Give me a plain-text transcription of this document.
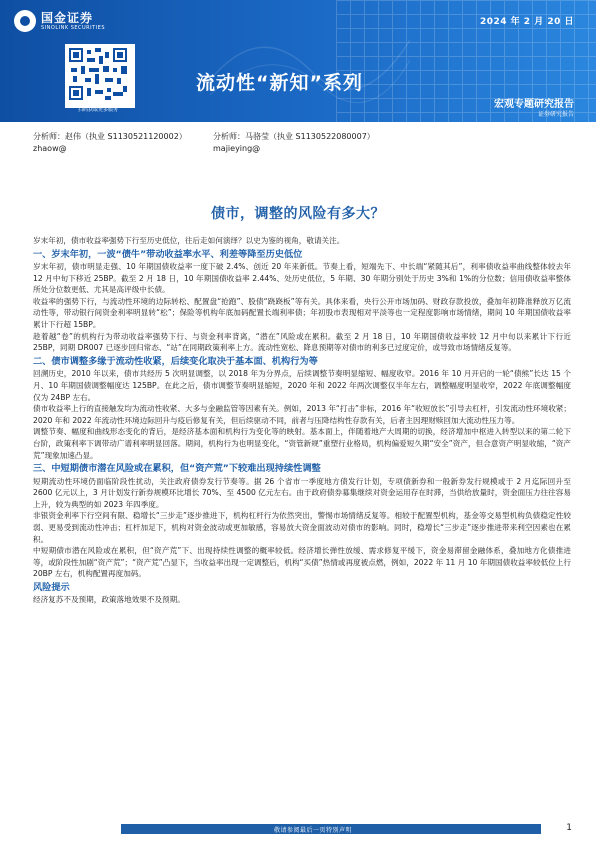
国金证券
SINOLINK SECURITIES
2024 年 2 月 20 日
扫码获取更多服务
流动性“新知”系列
宏观专题研究报告
证券研究报告
分析师：赵伟（执业 S1130521120002）
zhaow@
分析师：马骆莹（执业 S1130522080007）
majieying@
债市，调整的风险有多大？

岁末年初，债市收益率强势下行至历史低位，往后走如何演绎？以史为鉴的视角，敬请关注。

一、岁末年初，一波“债牛”带动收益率水平、利差等降至历史低位

岁末年初，债市明显走强、10 年期国债收益率一度下破 2.4%、创近 20 年来新低。节奏上看，短端先下、中长端“紧随其后”，利率债收益率曲线整体较去年 12 月中旬下移近 25BP。截至 2 月 18 日，10 年期国债收益率 2.44%、处历史低位，5 年期、30 年期分别处于历史 3%和 1%的分位数；信用债收益率整体所处分位数更低、尤其是高评级中长债。

收益率的强势下行，与流动性环境的边际转松、配置盘“抢跑”、股债“跷跷板”等有关。具体来看，央行公开市场加码、财政存款投放，叠加年初降准释放万亿流动性等，带动银行间资金利率明显转“松”；保险等机构年底加码配置长端利率债；年初股市表现相对平淡等也一定程度影响市场情绪，期间 10 年期国债收益率累计下行超 15BP。

趁着越“卷”的机构行为带动收益率强势下行、与资金利率背离，“潜在”风险或在累积。截至 2 月 18 日，10 年期国债收益率较 12 月中旬以来累计下行近 25BP，同期 DR007 已逐步回归常态、“站”在同期政策利率上方。流动性宽松、降息预期等对债市的利多已过度定价，或导致市场情绪反复等。

二、债市调整多缘于流动性收紧，后续变化取决于基本面、机构行为等

回溯历史，2010 年以来，债市共经历 5 次明显调整，以 2018 年为分界点，后续调整节奏明显缩短、幅度收窄。2016 年 10 月开启的一轮“债熊”长达 15 个月、10 年期国债调整幅度达 125BP。在此之后，债市调整节奏明显缩短，2020 年和 2022 年两次调整仅半年左右，调整幅度明显收窄，2022 年底调整幅度仅为 24BP 左右。

债市收益率上行的直接触发均为流动性收紧、大多与金融监管等因素有关。例如，2013 年“打击”非标，2016 年“收短放长”引导去杠杆，引发流动性环境收紧；2020 年和 2022 年流动性环境边际回升与疫后修复有关，但后续驱动不同，前者与压降结构性存款有关，后者主因理财赎回加大流动性压力等。

调整节奏、幅度和曲线形态变化的背后，是经济基本面和机构行为变化等的映射。基本面上，伴随着地产大周期的切换，经济增加中枢进入转型以来的第二轮下台阶，政策利率下调带动广谱利率明显回落。期间，机构行为也明显变化，“资管新规”重塑行业格局，机构偏爱短久期“安全”资产，但合意资产明显收缩，“资产荒”现象加速凸显。

三、中短期债市潜在风险或在累积，但“资产荒”下较难出现持续性调整

短期流动性环境仍面临阶段性扰动，关注政府债券发行节奏等。据 26 个省市一季度地方债发行计划，专项债新券和一般新券发行规模或于 2 月迄际回升至 2600 亿元以上，3 月计划发行新券规模环比增长 70%、至 4500 亿元左右。由于政府债券募集继续对资金运用存在时滞，当供给放量时，资金面压力往往容易上升，较为典型的如 2023 年四季度。

非银资金利率下行空间有限、稳增长“三步走”逐步推进下，机构杠杆行为依然突出，警惕市场情绪反复等。相较于配置型机构，基金等交易型机构负债稳定性较弱、更易受到流动性冲击；杠杆加足下，机构对资金波动或更加敏感，容易放大资金面波动对债市的影响。同时，稳增长“三步走”逐步推进带来利空因素也在累积。

中短期债市潜在风险或在累积，但“资产荒”下、出现持续性调整的概率较低。经济增长弹性放缓、需求修复平缓下，资金易滞留金融体系，叠加地方化债推进等，或阶段性加剧“资产荒”；“资产荒”凸显下，当收益率出现一定调整后，机构“买债”热情或再度被点燃，例如，2022 年 11 月 10 年期国债收益率较低位上行 20BP 左右，机构配置再度加码。

风险提示

经济复苏不及预期，政策落地效果不及预期。

敬请参阅最后一页特别声明	1
